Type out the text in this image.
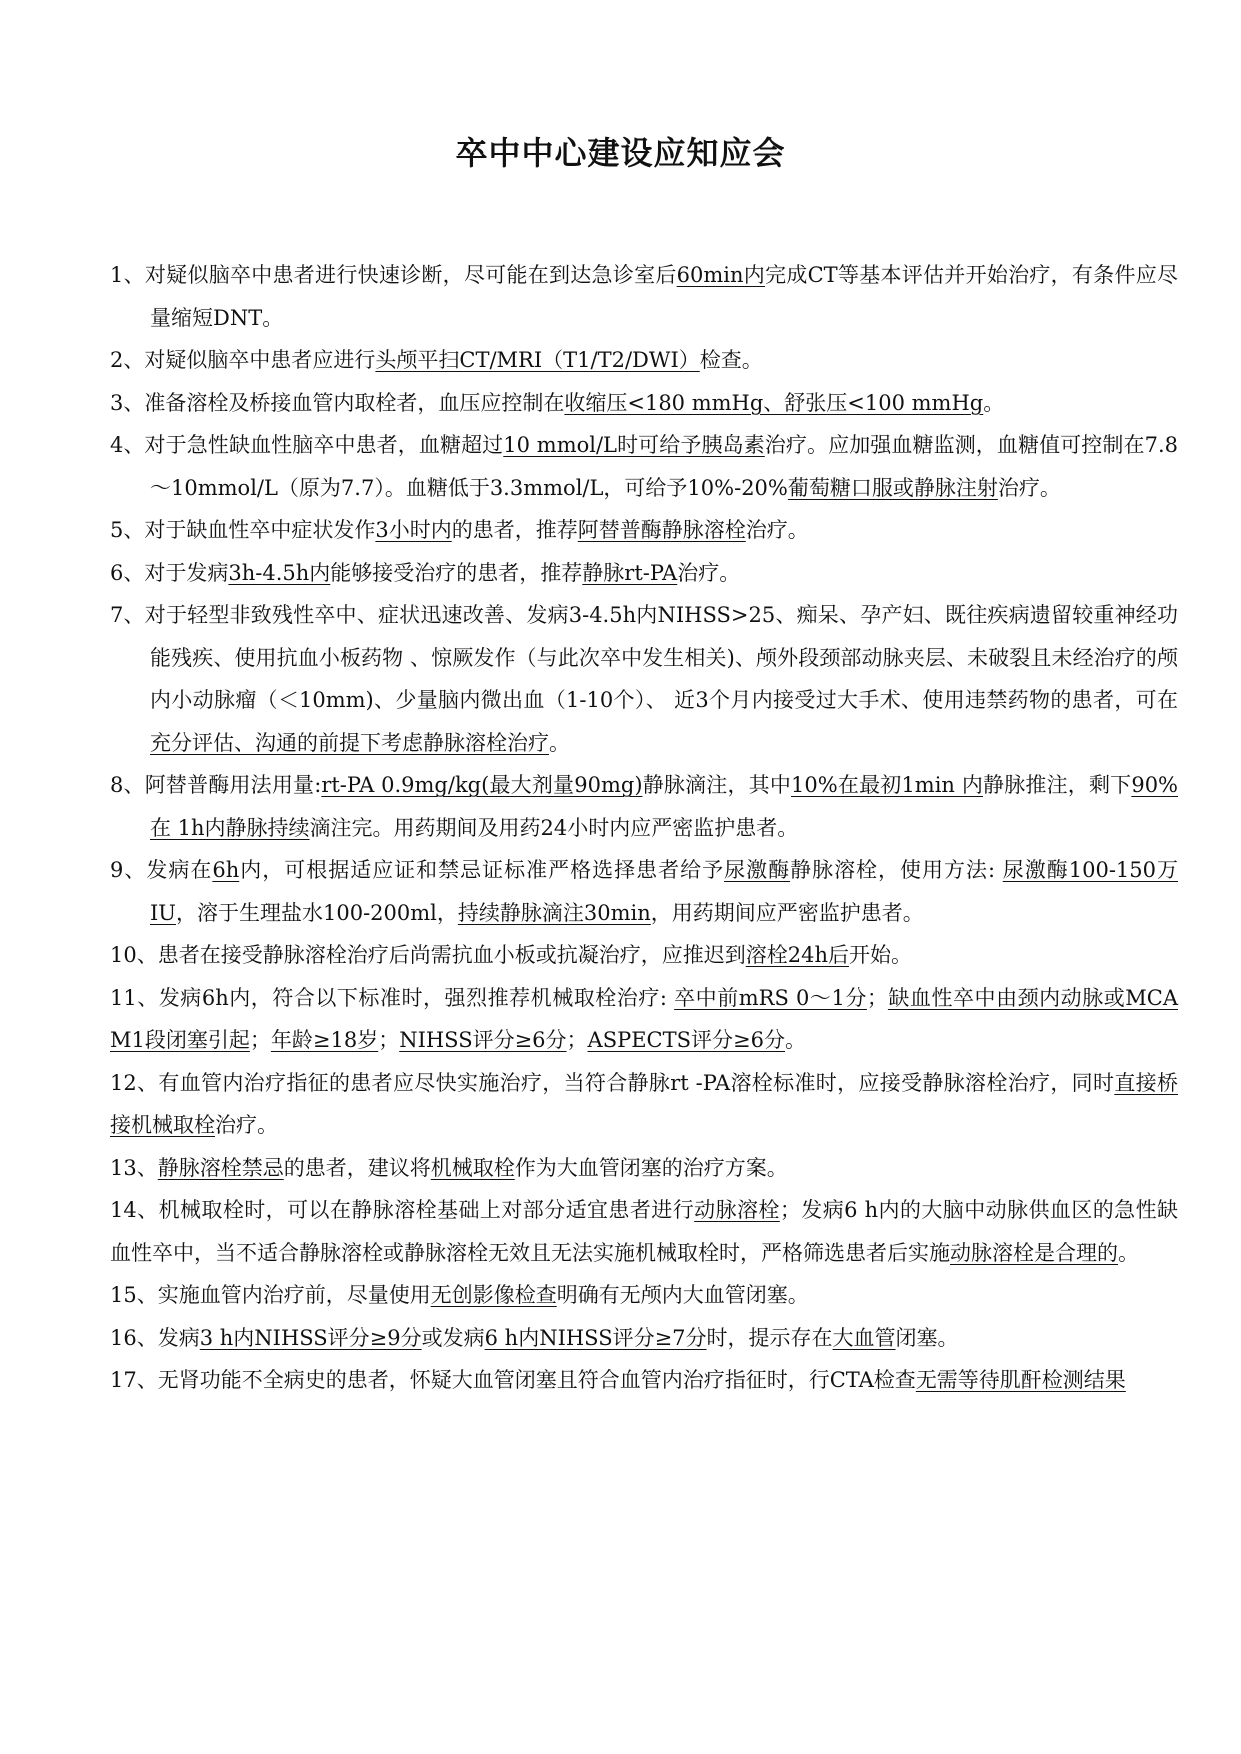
卒中中心建设应知应会

1、对疑似脑卒中患者进行快速诊断，尽可能在到达急诊室后60min内完成CT等基本评估并开始治疗，有条件应尽量缩短DNT。

2、对疑似脑卒中患者应进行头颅平扫CT/MRI（T1/T2/DWI）检查。

3、准备溶栓及桥接血管内取栓者，血压应控制在收缩压<180 mmHg、舒张压<100 mmHg。

4、对于急性缺血性脑卒中患者，血糖超过10 mmol/L时可给予胰岛素治疗。应加强血糖监测，血糖值可控制在7.8～10mmol/L（原为7.7）。血糖低于3.3mmol/L，可给予10%-20%葡萄糖口服或静脉注射治疗。

5、对于缺血性卒中症状发作3小时内的患者，推荐阿替普酶静脉溶栓治疗。

6、对于发病3h-4.5h内能够接受治疗的患者，推荐静脉rt-PA治疗。

7、对于轻型非致残性卒中、症状迅速改善、发病3-4.5h内NIHSS>25、痴呆、孕产妇、既往疾病遗留较重神经功能残疾、使用抗血小板药物 、惊厥发作（与此次卒中发生相关)、颅外段颈部动脉夹层、未破裂且未经治疗的颅内小动脉瘤（＜10mm)、少量脑内微出血（1-10个）、 近3个月内接受过大手术、使用违禁药物的患者，可在充分评估、沟通的前提下考虑静脉溶栓治疗。

8、阿替普酶用法用量:rt-PA 0.9mg/kg(最大剂量90mg)静脉滴注，其中10%在最初1min 内静脉推注，剩下90%在 1h内静脉持续滴注完。用药期间及用药24小时内应严密监护患者。

9、发病在6h内，可根据适应证和禁忌证标准严格选择患者给予尿激酶静脉溶栓，使用方法: 尿激酶100-150万IU，溶于生理盐水100-200ml，持续静脉滴注30min，用药期间应严密监护患者。

10、患者在接受静脉溶栓治疗后尚需抗血小板或抗凝治疗，应推迟到溶栓24h后开始。

11、发病6h内，符合以下标准时，强烈推荐机械取栓治疗: 卒中前mRS 0～1分；缺血性卒中由颈内动脉或MCA M1段闭塞引起；年龄≥18岁；NIHSS评分≥6分；ASPECTS评分≥6分。

12、有血管内治疗指征的患者应尽快实施治疗，当符合静脉rt -PA溶栓标准时，应接受静脉溶栓治疗，同时直接桥接机械取栓治疗。

13、静脉溶栓禁忌的患者，建议将机械取栓作为大血管闭塞的治疗方案。

14、机械取栓时，可以在静脉溶栓基础上对部分适宜患者进行动脉溶栓；发病6 h内的大脑中动脉供血区的急性缺血性卒中，当不适合静脉溶栓或静脉溶栓无效且无法实施机械取栓时，严格筛选患者后实施动脉溶栓是合理的。

15、实施血管内治疗前，尽量使用无创影像检查明确有无颅内大血管闭塞。

16、发病3 h内NIHSS评分≥9分或发病6 h内NIHSS评分≥7分时，提示存在大血管闭塞。

17、无肾功能不全病史的患者，怀疑大血管闭塞且符合血管内治疗指征时，行CTA检查无需等待肌酐检测结果
